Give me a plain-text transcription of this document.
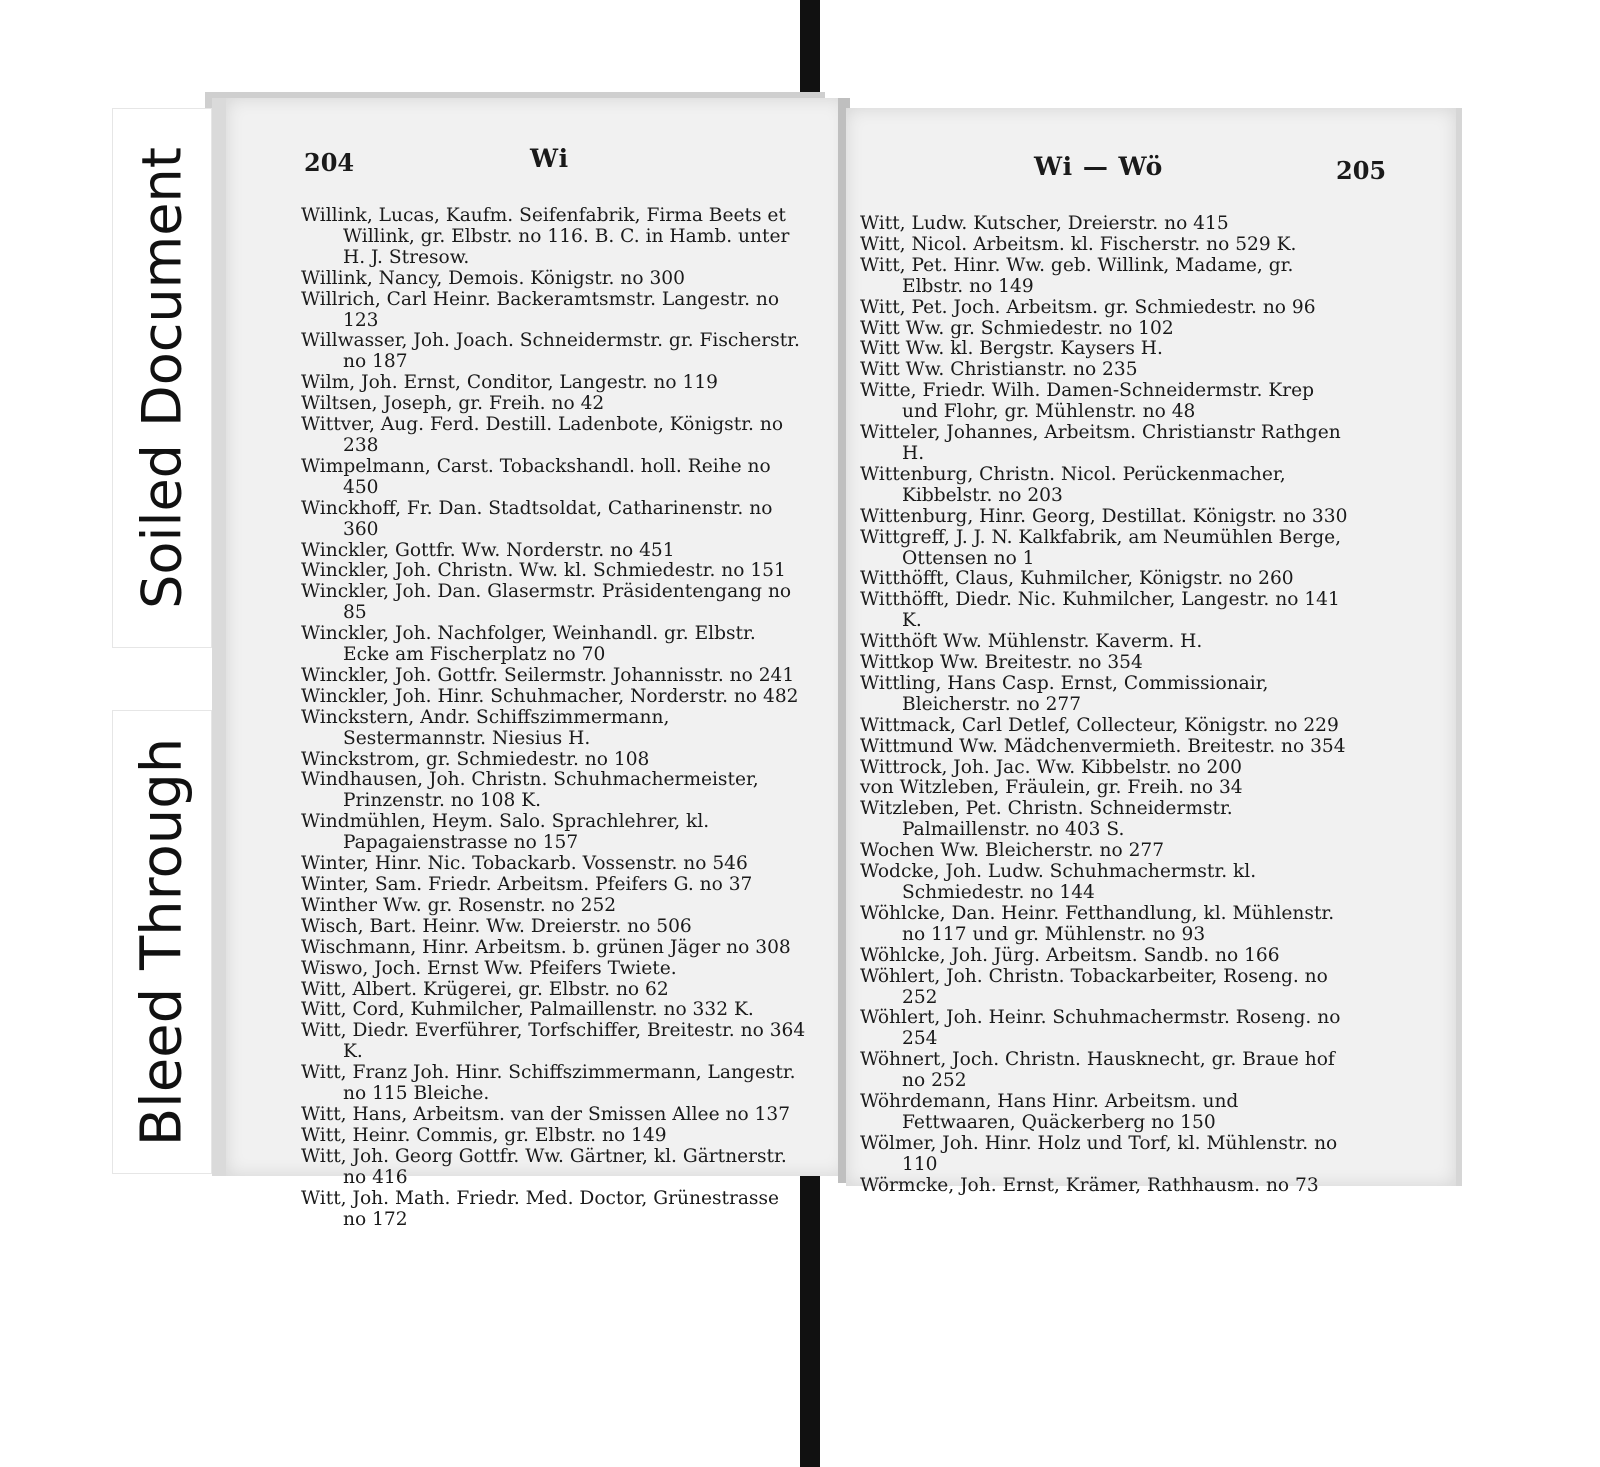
Soiled Document
Bleed Through
204	Wi
Willink, Lucas, Kaufm. Seifenfabrik, Firma Beets et Willink, gr. Elbstr. no 116. B. C. in Hamb. unter H. J. Stresow.
Willink, Nancy, Demois. Königstr. no 300
Willrich, Carl Heinr. Backeramtsmstr. Langestr. no 123
Willwasser, Joh. Joach. Schneidermstr. gr. Fischerstr. no 187
Wilm, Joh. Ernst, Conditor, Langestr. no 119
Wiltsen, Joseph, gr. Freih. no 42
Wittver, Aug. Ferd. Destill. Ladenbote, Königstr. no 238
Wimpelmann, Carst. Tobackshandl. holl. Reihe no 450
Winckhoff, Fr. Dan. Stadtsoldat, Catharinenstr. no 360
Winckler, Gottfr. Ww. Norderstr. no 451
Winckler, Joh. Christn. Ww. kl. Schmiedestr. no 151
Winckler, Joh. Dan. Glasermstr. Präsidentengang no 85
Winckler, Joh. Nachfolger, Weinhandl. gr. Elbstr. Ecke am Fischerplatz no 70
Winckler, Joh. Gottfr. Seilermstr. Johannisstr. no 241
Winckler, Joh. Hinr. Schuhmacher, Norderstr. no 482
Winckstern, Andr. Schiffszimmermann, Sestermannstr. Niesius H.
Winckstrom, gr. Schmiedestr. no 108
Windhausen, Joh. Christn. Schuhmachermeister, Prinzenstr. no 108 K.
Windmühlen, Heym. Salo. Sprachlehrer, kl. Papagaienstrasse no 157
Winter, Hinr. Nic. Tobackarb. Vossenstr. no 546
Winter, Sam. Friedr. Arbeitsm. Pfeifers G. no 37
Winther Ww. gr. Rosenstr. no 252
Wisch, Bart. Heinr. Ww. Dreierstr. no 506
Wischmann, Hinr. Arbeitsm. b. grünen Jäger no 308
Wiswo, Joch. Ernst Ww. Pfeifers Twiete.
Witt, Albert. Krügerei, gr. Elbstr. no 62
Witt, Cord, Kuhmilcher, Palmaillenstr. no 332 K.
Witt, Diedr. Everführer, Torfschiffer, Breitestr. no 364 K.
Witt, Franz Joh. Hinr. Schiffszimmermann, Langestr. no 115 Bleiche.
Witt, Hans, Arbeitsm. van der Smissen Allee no 137
Witt, Heinr. Commis, gr. Elbstr. no 149
Witt, Joh. Georg Gottfr. Ww. Gärtner, kl. Gärtnerstr. no 416
Witt, Joh. Math. Friedr. Med. Doctor, Grünestrasse no 172
Wi — Wö	205
Witt, Ludw. Kutscher, Dreierstr. no 415
Witt, Nicol. Arbeitsm. kl. Fischerstr. no 529 K.
Witt, Pet. Hinr. Ww. geb. Willink, Madame, gr. Elbstr. no 149
Witt, Pet. Joch. Arbeitsm. gr. Schmiedestr. no 96
Witt Ww. gr. Schmiedestr. no 102
Witt Ww. kl. Bergstr. Kaysers H.
Witt Ww. Christianstr. no 235
Witte, Friedr. Wilh. Damen-Schneidermstr. Krep und Flohr, gr. Mühlenstr. no 48
Witteler, Johannes, Arbeitsm. Christianstr Rathgen H.
Wittenburg, Christn. Nicol. Perückenmacher, Kibbelstr. no 203
Wittenburg, Hinr. Georg, Destillat. Königstr. no 330
Wittgreff, J. J. N. Kalkfabrik, am Neumühlen Berge, Ottensen no 1
Witthöfft, Claus, Kuhmilcher, Königstr. no 260
Witthöfft, Diedr. Nic. Kuhmilcher, Langestr. no 141 K.
Witthöft Ww. Mühlenstr. Kaverm. H.
Wittkop Ww. Breitestr. no 354
Wittling, Hans Casp. Ernst, Commissionair, Bleicherstr. no 277
Wittmack, Carl Detlef, Collecteur, Königstr. no 229
Wittmund Ww. Mädchenvermieth. Breitestr. no 354
Wittrock, Joh. Jac. Ww. Kibbelstr. no 200
von Witzleben, Fräulein, gr. Freih. no 34
Witzleben, Pet. Christn. Schneidermstr. Palmaillenstr. no 403 S.
Wochen Ww. Bleicherstr. no 277
Wodcke, Joh. Ludw. Schuhmachermstr. kl. Schmiedestr. no 144
Wöhlcke, Dan. Heinr. Fetthandlung, kl. Mühlenstr. no 117 und gr. Mühlenstr. no 93
Wöhlcke, Joh. Jürg. Arbeitsm. Sandb. no 166
Wöhlert, Joh. Christn. Tobackarbeiter, Roseng. no 252
Wöhlert, Joh. Heinr. Schuhmachermstr. Roseng. no 254
Wöhnert, Joch. Christn. Hausknecht, gr. Braue hof no 252
Wöhrdemann, Hans Hinr. Arbeitsm. und Fettwaaren, Quäckerberg no 150
Wölmer, Joh. Hinr. Holz und Torf, kl. Mühlenstr. no 110
Wörmcke, Joh. Ernst, Krämer, Rathhausm. no 73
